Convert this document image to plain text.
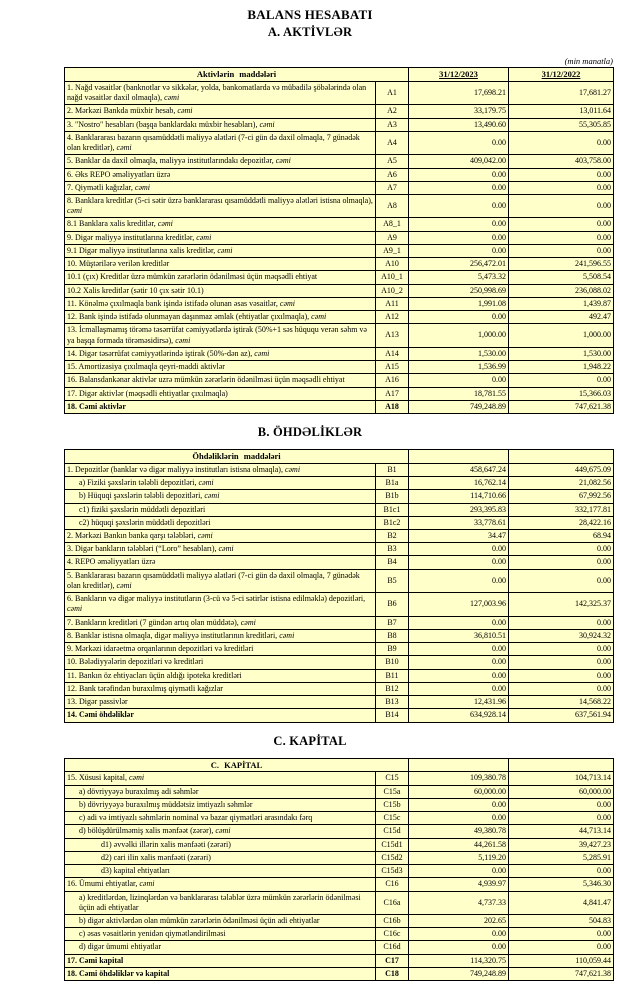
BALANS HESABATI
A. AKTİVLƏR
(min manatla)
Aktivlərin maddələri		31/12/2023	31/12/2022
1. Nağd vəsaitlər (banknotlar və sikkələr, yolda, bankomatlarda və mübadilə şöbələrində olan nağd vəsaitlər daxil olmaqla), cəmi	A1	17,698.21	17,681.27
2. Mərkəzi Bankda müxbir hesab, cəmi	A2	33,179.75	13,011.64
3. "Nostro" hesabları (başqa banklardakı müxbir hesabları), cəmi	A3	13,490.60	55,305.85
4. Banklararası bazarın qısamüddətli maliyyə alətləri (7-ci gün də daxil olmaqla, 7 günədək olan kreditlər), cəmi	A4	0.00	0.00
5. Banklar da daxil olmaqla, maliyyə institutlarındakı depozitlər, cəmi	A5	409,042.00	403,758.00
6. Əks REPO əməliyyatları üzrə	A6	0.00	0.00
7. Qiymətli kağızlar, cəmi	A7	0.00	0.00
8. Banklara kreditlər (5-ci sətir üzrə banklararası qısamüddətli maliyyə alətləri istisna olmaqla), cəmi	A8	0.00	0.00
8.1 Banklara xalis kreditlər, cəmi	A8_1	0.00	0.00
9. Digər maliyyə institutlarına kreditlər, cəmi	A9	0.00	0.00
9.1 Digər maliyyə institutlarına xalis kreditlər, cəmi	A9_1	0.00	0.00
10. Müştərilərə verilən kreditlər	A10	256,472.01	241,596.55
10.1 (çıx) Kreditlər üzrə mümkün zərərlərin ödənilməsi üçün məqsədli ehtiyat	A10_1	5,473.32	5,508.54
10.2 Xalis kreditlər (sətir 10 çıx sətir 10.1)	A10_2	250,998.69	236,088.02
11. Könəlmə çıxılmaqla bank işində istifadə olunan əsas vəsaitlər, cəmi	A11	1,991.08	1,439.87
12. Bank işində istifadə olunmayan daşınmaz əmlak (ehtiyatlar çıxılmaqla), cəmi	A12	0.00	492.47
13. İcmallaşmamış törəmə təsərrüfat cəmiyyətlərdə iştirak (50%+1 səs hüququ verən səhm və ya başqa formada törəməsidirsə), cəmi	A13	1,000.00	1,000.00
14. Digər təsərrüfat cəmiyyətlərində iştirak (50%-dən az), cəmi	A14	1,530.00	1,530.00
15. Amortizasiya çıxılmaqla qeyri-maddi aktivlər	A15	1,536.99	1,948.22
16. Balansdankənar aktivlər uzrə mümkün zərərlərin ödənilməsi üçün məqsədli ehtiyat	A16	0.00	0.00
17. Digər aktivlər (məqsədli ehtiyatlar çıxılmaqla)	A17	18,781.55	15,366.03
18. Cəmi aktivlər	A18	749,248.89	747,621.38
B. ÖHDƏLİKLƏR
Öhdəliklərin maddələri			
1. Depozitlər (banklar və digər maliyyə institutları istisna olmaqla), cəmi	B1	458,647.24	449,675.09
a) Fiziki şəxslərin tələbli depozitləri, cəmi	B1a	16,762.14	21,082.56
b) Hüquqi şəxslərin tələbli depozitləri, cəmi	B1b	114,710.66	67,992.56
c1) fiziki şəxslərin müddətli depozitləri	B1c1	293,395.83	332,177.81
c2) hüquqi şəxslərin müddətli depozitləri	B1c2	33,778.61	28,422.16
2. Mərkəzi Bankın banka qarşı tələbləri, cəmi	B2	34.47	68.94
3. Digər bankların tələbləri (“Loro” hesabları), cəmi	B3	0.00	0.00
4. REPO əməliyyatları üzrə	B4	0.00	0.00
5. Banklararası bazarın qısamüddətli maliyyə alətləri (7-ci gün də daxil olmaqla, 7 günədək olan kreditlər), cəmi	B5	0.00	0.00
6. Bankların və digər maliyyə institutların (3-cü və 5-ci sətirlər istisna edilməklə) depozitləri, cəmi	B6	127,003.96	142,325.37
7. Bankların kreditləri (7 gündən artıq olan müddətə), cəmi	B7	0.00	0.00
8. Banklar istisna olmaqla, digər maliyyə institutlarının kreditləri, cəmi	B8	36,810.51	30,924.32
9. Mərkəzi idarəetmə orqanlarının depozitləri və kreditləri	B9	0.00	0.00
10. Bələdiyyələrin depozitləri və kreditləri	B10	0.00	0.00
11. Bankın öz ehtiyacları üçün aldığı ipoteka kreditləri	B11	0.00	0.00
12. Bank tərəfindən buraxılmış qiymətli kağızlar	B12	0.00	0.00
13. Digər passivlər	B13	12,431.96	14,568.22
14. Cəmi öhdəliklər	B14	634,928.14	637,561.94
C. KAPİTAL
C. KAPİTAL			
15. Xüsusi kapital, cəmi	C15	109,380.78	104,713.14
a) dövriyyəyə buraxılmış adi səhmlər	C15a	60,000.00	60,000.00
b) dövriyyəyə buraxılmış müddətsiz imtiyazlı səhmlər	C15b	0.00	0.00
c) adi və imtiyazlı səhmlərin nominal və bazar qiymətləri arasındakı fərq	C15c	0.00	0.00
d) bölüşdürülməmiş xalis mənfəət (zərər), cəmi	C15d	49,380.78	44,713.14
d1) əvvəlki illərin xalis mənfəəti (zərəri)	C15d1	44,261.58	39,427.23
d2) cari ilin xalis mənfəəti (zərəri)	C15d2	5,119.20	5,285.91
d3) kapital ehtiyatları	C15d3	0.00	0.00
16. Ümumi ehtiyatlar, cəmi	C16	4,939.97	5,346.30
a) kreditlərdən, lizinqlərdən və banklararası tələblər üzrə mümkün zərərlərin ödənilməsi üçün adi ehtiyatlar	C16a	4,737.33	4,841.47
b) digər aktivlərdən olan mümkün zərərlərin ödənilməsi üçün adi ehtiyatlar	C16b	202.65	504.83
c) əsas vəsaitlərin yenidən qiymətləndirilməsi	C16c	0.00	0.00
d) digər ümumi ehtiyatlar	C16d	0.00	0.00
17. Cəmi kapital	C17	114,320.75	110,059.44
18. Cəmi öhdəliklər və kapital	C18	749,248.89	747,621.38
